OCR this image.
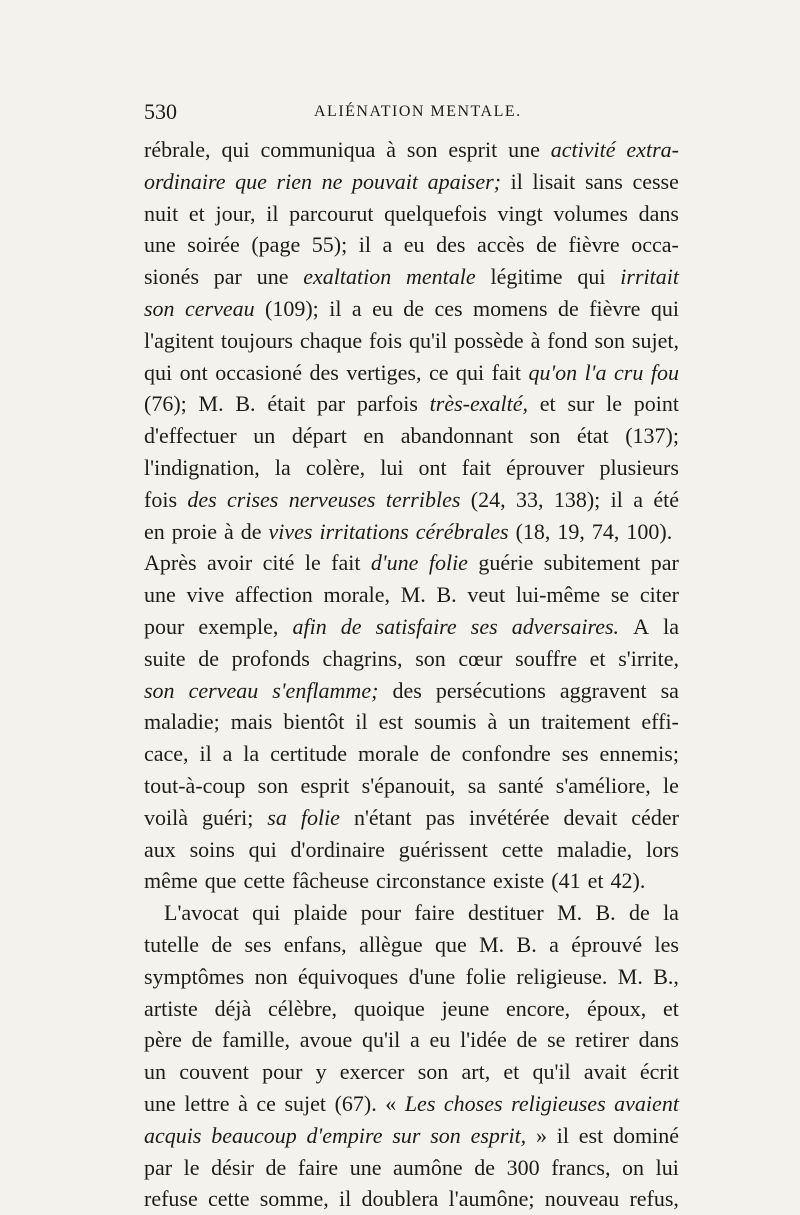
530	ALIÉNATION MENTALE.
rébrale, qui communiqua à son esprit une activité extra-
ordinaire que rien ne pouvait apaiser; il lisait sans cesse
nuit et jour, il parcourut quelquefois vingt volumes dans
une soirée (page 55); il a eu des accès de fièvre occa-
sionés par une exaltation mentale légitime qui irritait
son cerveau (109); il a eu de ces momens de fièvre qui
l'agitent toujours chaque fois qu'il possède à fond son sujet,
qui ont occasioné des vertiges, ce qui fait qu'on l'a cru fou
(76); M. B. était par parfois très-exalté, et sur le point
d'effectuer un départ en abandonnant son état (137);
l'indignation, la colère, lui ont fait éprouver plusieurs
fois des crises nerveuses terribles (24, 33, 138); il a été
en proie à de vives irritations cérébrales (18, 19, 74, 100).
Après avoir cité le fait d'une folie guérie subitement par
une vive affection morale, M. B. veut lui-même se citer
pour exemple, afin de satisfaire ses adversaires. A la
suite de profonds chagrins, son cœur souffre et s'irrite,
son cerveau s'enflamme; des persécutions aggravent sa
maladie; mais bientôt il est soumis à un traitement effi-
cace, il a la certitude morale de confondre ses ennemis;
tout-à-coup son esprit s'épanouit, sa santé s'améliore, le
voilà guéri; sa folie n'étant pas invétérée devait céder
aux soins qui d'ordinaire guérissent cette maladie, lors
même que cette fâcheuse circonstance existe (41 et 42).
L'avocat qui plaide pour faire destituer M. B. de la
tutelle de ses enfans, allègue que M. B. a éprouvé les
symptômes non équivoques d'une folie religieuse. M. B.,
artiste déjà célèbre, quoique jeune encore, époux, et
père de famille, avoue qu'il a eu l'idée de se retirer dans
un couvent pour y exercer son art, et qu'il avait écrit
une lettre à ce sujet (67). « Les choses religieuses avaient
acquis beaucoup d'empire sur son esprit, » il est dominé
par le désir de faire une aumône de 300 francs, on lui
refuse cette somme, il doublera l'aumône; nouveau refus,
